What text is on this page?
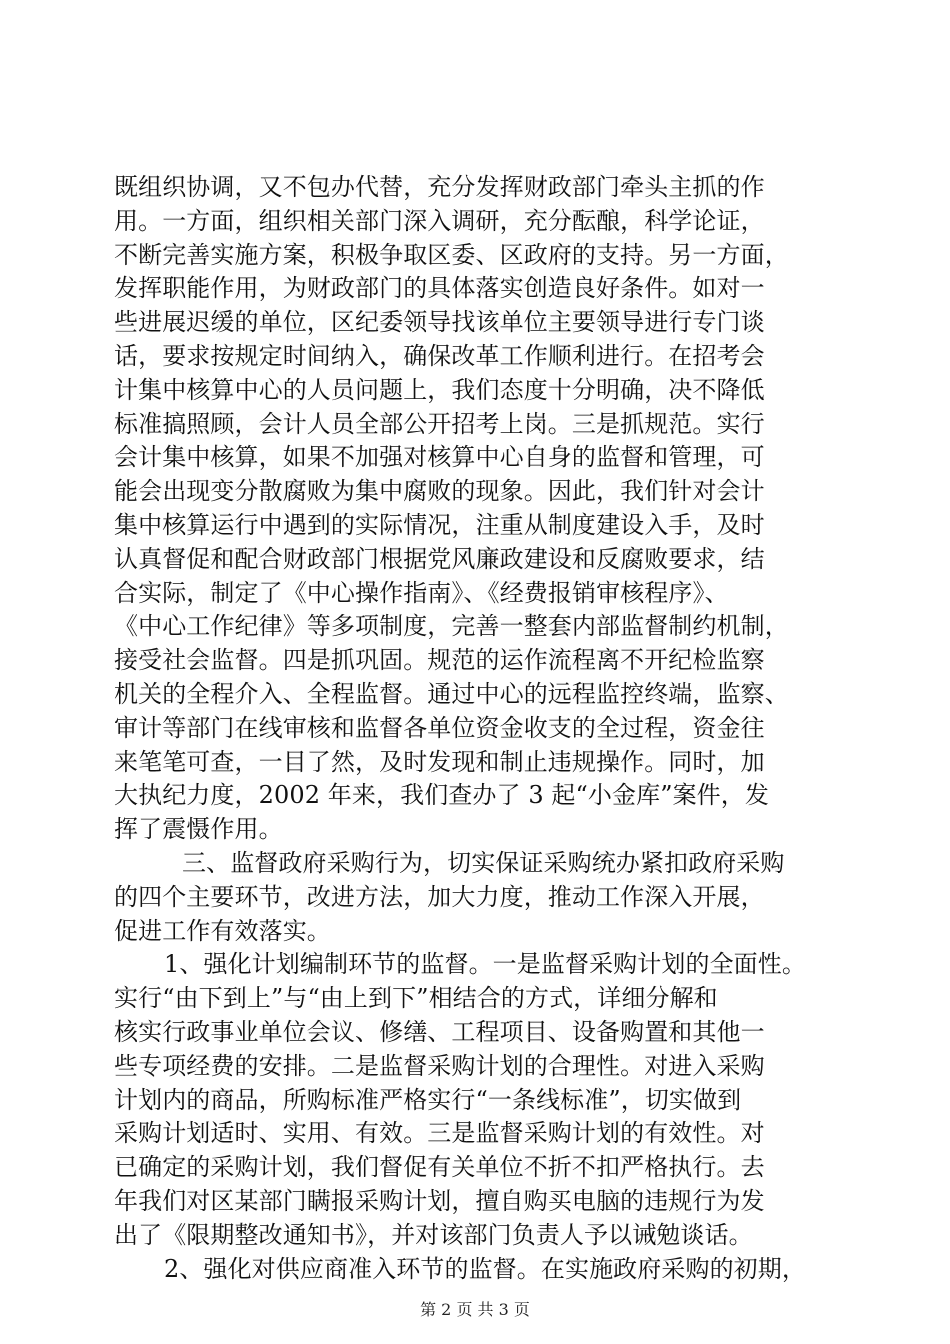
既组织协调，又不包办代替，充分发挥财政部门牵头主抓的作
用。一方面，组织相关部门深入调研，充分酝酿，科学论证，
不断完善实施方案，积极争取区委、区政府的支持。另一方面，
发挥职能作用，为财政部门的具体落实创造良好条件。如对一
些进展迟缓的单位，区纪委领导找该单位主要领导进行专门谈
话，要求按规定时间纳入，确保改革工作顺利进行。在招考会
计集中核算中心的人员问题上，我们态度十分明确，决不降低
标准搞照顾，会计人员全部公开招考上岗。三是抓规范。实行
会计集中核算，如果不加强对核算中心自身的监督和管理，可
能会出现变分散腐败为集中腐败的现象。因此，我们针对会计
集中核算运行中遇到的实际情况，注重从制度建设入手，及时
认真督促和配合财政部门根据党风廉政建设和反腐败要求，结
合实际，制定了《中心操作指南》、《经费报销审核程序》、
《中心工作纪律》等多项制度，完善一整套内部监督制约机制，
接受社会监督。四是抓巩固。规范的运作流程离不开纪检监察
机关的全程介入、全程监督。通过中心的远程监控终端，监察、
审计等部门在线审核和监督各单位资金收支的全过程，资金往
来笔笔可查，一目了然，及时发现和制止违规操作。同时，加
大执纪力度，2002 年来，我们查办了 3 起“小金库”案件，发
挥了震慑作用。
三、监督政府采购行为，切实保证采购统办紧扣政府采购
的四个主要环节，改进方法，加大力度，推动工作深入开展，
促进工作有效落实。
1、强化计划编制环节的监督。一是监督采购计划的全面性。
实行“由下到上”与“由上到下”相结合的方式，详细分解和
核实行政事业单位会议、修缮、工程项目、设备购置和其他一
些专项经费的安排。二是监督采购计划的合理性。对进入采购
计划内的商品，所购标准严格实行“一条线标准”，切实做到
采购计划适时、实用、有效。三是监督采购计划的有效性。对
已确定的采购计划，我们督促有关单位不折不扣严格执行。去
年我们对区某部门瞒报采购计划，擅自购买电脑的违规行为发
出了《限期整改通知书》，并对该部门负责人予以诫勉谈话。
2、强化对供应商准入环节的监督。在实施政府采购的初期，
第 2 页 共 3 页
